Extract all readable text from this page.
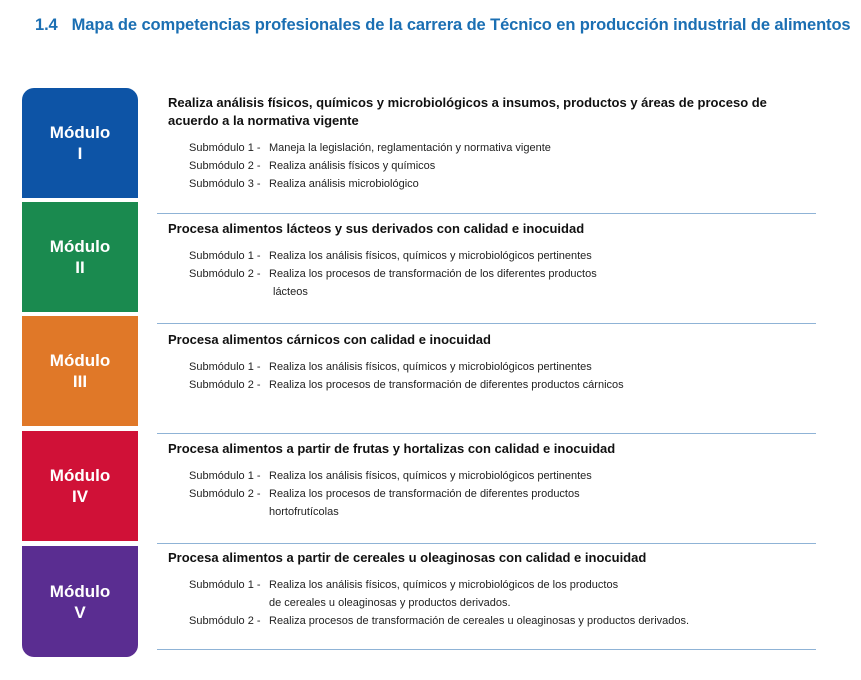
1.4 Mapa de competencias profesionales de la carrera de Técnico en producción industrial de alimentos
Módulo
I
Módulo
II
Módulo
III
Módulo
IV
Módulo
V

Realiza análisis físicos, químicos y microbiológicos a insumos, productos y áreas de proceso de acuerdo a la normativa vigente

Submódulo 1 - Maneja la legislación, reglamentación y normativa vigente
Submódulo 2 - Realiza análisis físicos y químicos
Submódulo 3 - Realiza análisis microbiológico

Procesa alimentos lácteos y sus derivados con calidad e inocuidad

Submódulo 1 - Realiza los análisis físicos, químicos y microbiológicos pertinentes
Submódulo 2 - Realiza los procesos de transformación de los diferentes productos
lácteos

Procesa alimentos cárnicos con calidad e inocuidad

Submódulo 1 - Realiza los análisis físicos, químicos y microbiológicos pertinentes
Submódulo 2 - Realiza los procesos de transformación de diferentes productos cárnicos

Procesa alimentos a partir de frutas y hortalizas con calidad e inocuidad

Submódulo 1 - Realiza los análisis físicos, químicos y microbiológicos pertinentes
Submódulo 2 - Realiza los procesos de transformación de diferentes productos
hortofrutícolas

Procesa alimentos a partir de cereales u oleaginosas con calidad e inocuidad

Submódulo 1 - Realiza los análisis físicos, químicos y microbiológicos de los productos
de cereales u oleaginosas y productos derivados.
Submódulo 2 - Realiza procesos de transformación de cereales u oleaginosas y productos derivados.
